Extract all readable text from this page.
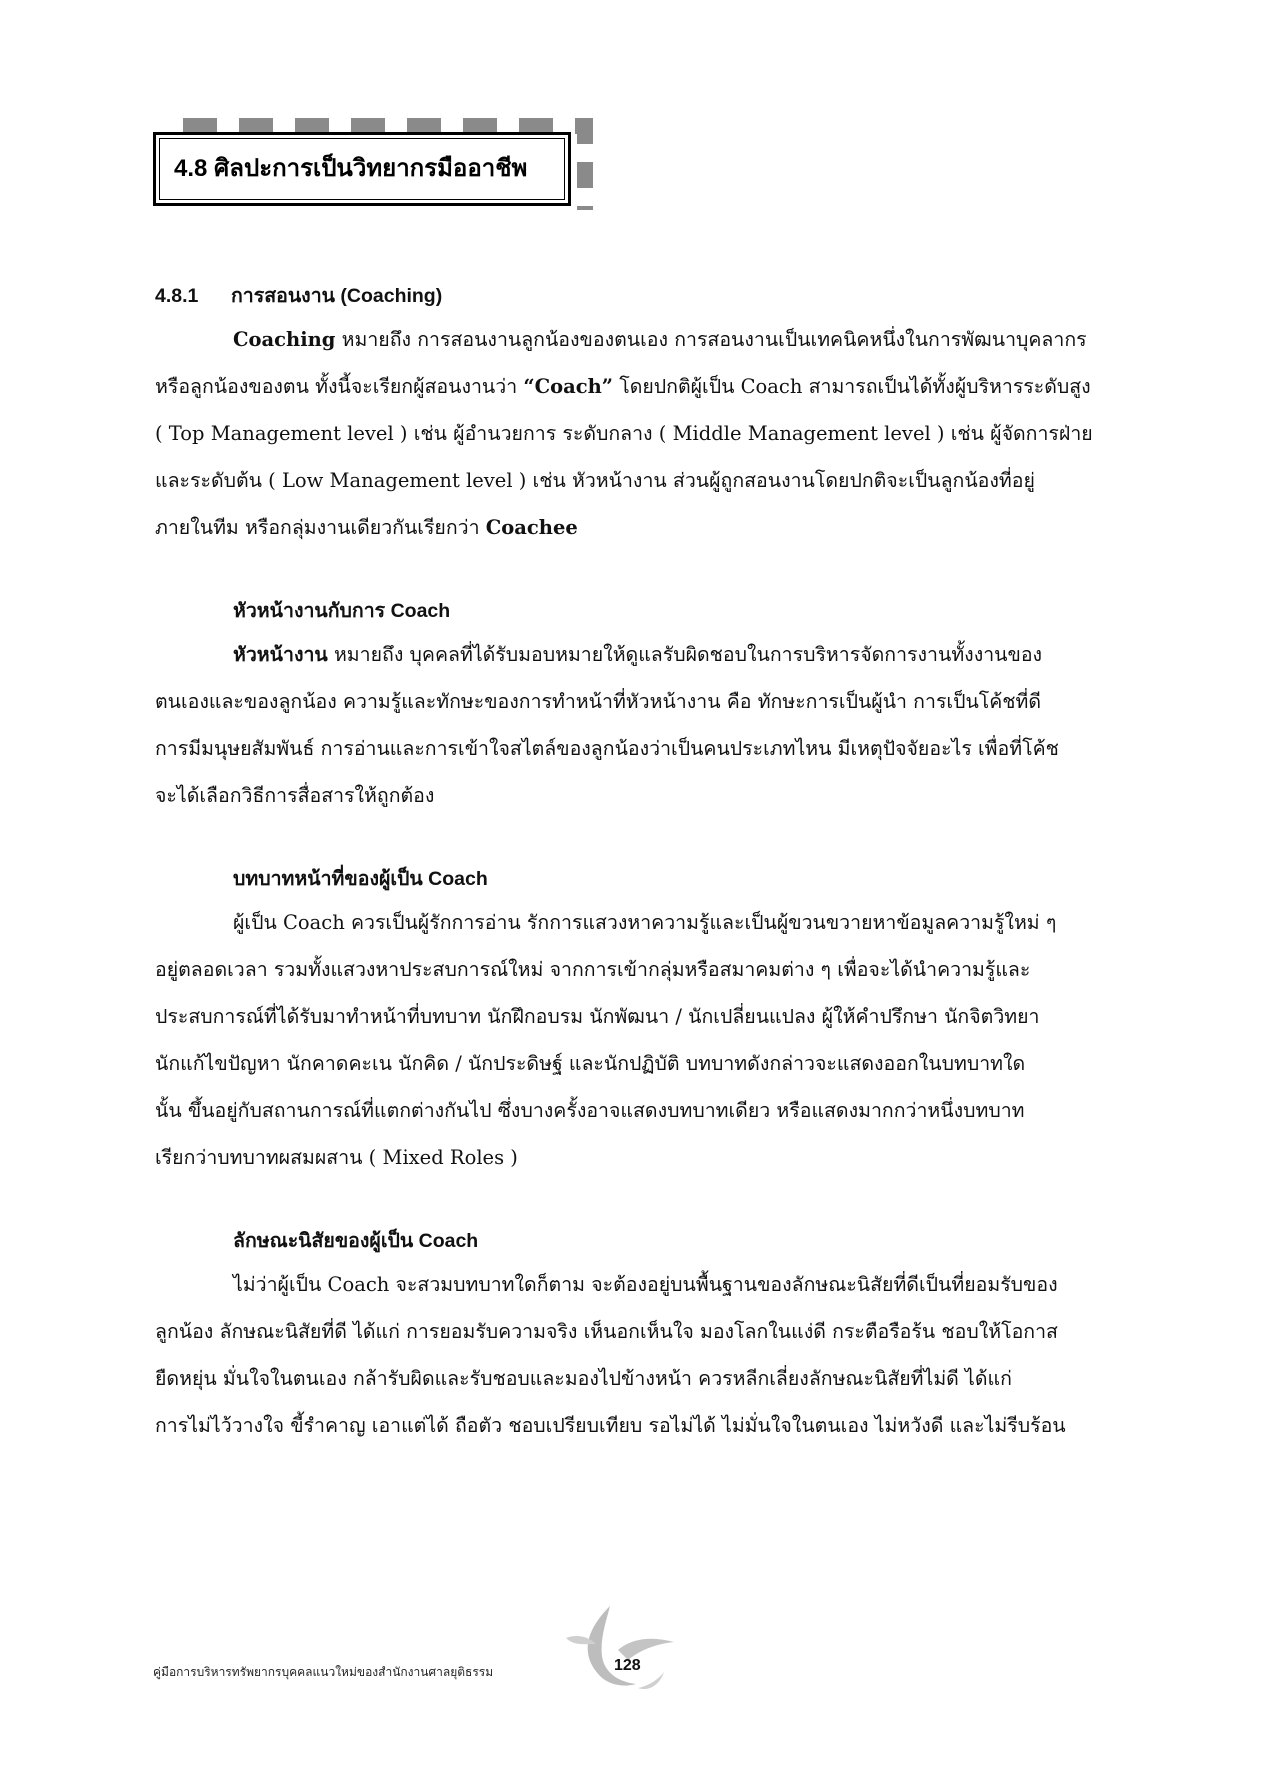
4.8 ศิลปะการเป็นวิทยากรมืออาชีพ

4.8.1 การสอนงาน (Coaching)

Coaching หมายถึง การสอนงานลูกน้องของตนเอง การสอนงานเป็นเทคนิคหนึ่งในการพัฒนาบุคลากร
หรือลูกน้องของตน ทั้งนี้จะเรียกผู้สอนงานว่า “Coach” โดยปกติผู้เป็น Coach สามารถเป็นได้ทั้งผู้บริหารระดับสูง
( Top Management level ) เช่น ผู้อำนวยการ ระดับกลาง ( Middle Management level ) เช่น ผู้จัดการฝ่าย
และระดับต้น ( Low Management level ) เช่น หัวหน้างาน ส่วนผู้ถูกสอนงานโดยปกติจะเป็นลูกน้องที่อยู่
ภายในทีม หรือกลุ่มงานเดียวกันเรียกว่า Coachee

หัวหน้างานกับการ Coach

หัวหน้างาน หมายถึง บุคคลที่ได้รับมอบหมายให้ดูแลรับผิดชอบในการบริหารจัดการงานทั้งงานของ
ตนเองและของลูกน้อง ความรู้และทักษะของการทำหน้าที่หัวหน้างาน คือ ทักษะการเป็นผู้นำ การเป็นโค้ชที่ดี
การมีมนุษยสัมพันธ์ การอ่านและการเข้าใจสไตล์ของลูกน้องว่าเป็นคนประเภทไหน มีเหตุปัจจัยอะไร เพื่อที่โค้ช
จะได้เลือกวิธีการสื่อสารให้ถูกต้อง

บทบาทหน้าที่ของผู้เป็น Coach

ผู้เป็น Coach ควรเป็นผู้รักการอ่าน รักการแสวงหาความรู้และเป็นผู้ขวนขวายหาข้อมูลความรู้ใหม่ ๆ
อยู่ตลอดเวลา รวมทั้งแสวงหาประสบการณ์ใหม่ จากการเข้ากลุ่มหรือสมาคมต่าง ๆ เพื่อจะได้นำความรู้และ
ประสบการณ์ที่ได้รับมาทำหน้าที่บทบาท นักฝึกอบรม นักพัฒนา / นักเปลี่ยนแปลง ผู้ให้คำปรึกษา นักจิตวิทยา
นักแก้ไขปัญหา นักคาดคะเน นักคิด / นักประดิษฐ์ และนักปฏิบัติ บทบาทดังกล่าวจะแสดงออกในบทบาทใด
นั้น ขึ้นอยู่กับสถานการณ์ที่แตกต่างกันไป ซึ่งบางครั้งอาจแสดงบทบาทเดียว หรือแสดงมากกว่าหนึ่งบทบาท
เรียกว่าบทบาทผสมผสาน ( Mixed Roles )

ลักษณะนิสัยของผู้เป็น Coach

ไม่ว่าผู้เป็น Coach จะสวมบทบาทใดก็ตาม จะต้องอยู่บนพื้นฐานของลักษณะนิสัยที่ดีเป็นที่ยอมรับของ
ลูกน้อง ลักษณะนิสัยที่ดี ได้แก่ การยอมรับความจริง เห็นอกเห็นใจ มองโลกในแง่ดี กระตือรือร้น ชอบให้โอกาส
ยืดหยุ่น มั่นใจในตนเอง กล้ารับผิดและรับชอบและมองไปข้างหน้า ควรหลีกเลี่ยงลักษณะนิสัยที่ไม่ดี ได้แก่
การไม่ไว้วางใจ ขี้รำคาญ เอาแต่ได้ ถือตัว ชอบเปรียบเทียบ รอไม่ได้ ไม่มั่นใจในตนเอง ไม่หวังดี และไม่รีบร้อน

คู่มือการบริหารทรัพยากรบุคคลแนวใหม่ของสำนักงานศาลยุติธรรม	128
